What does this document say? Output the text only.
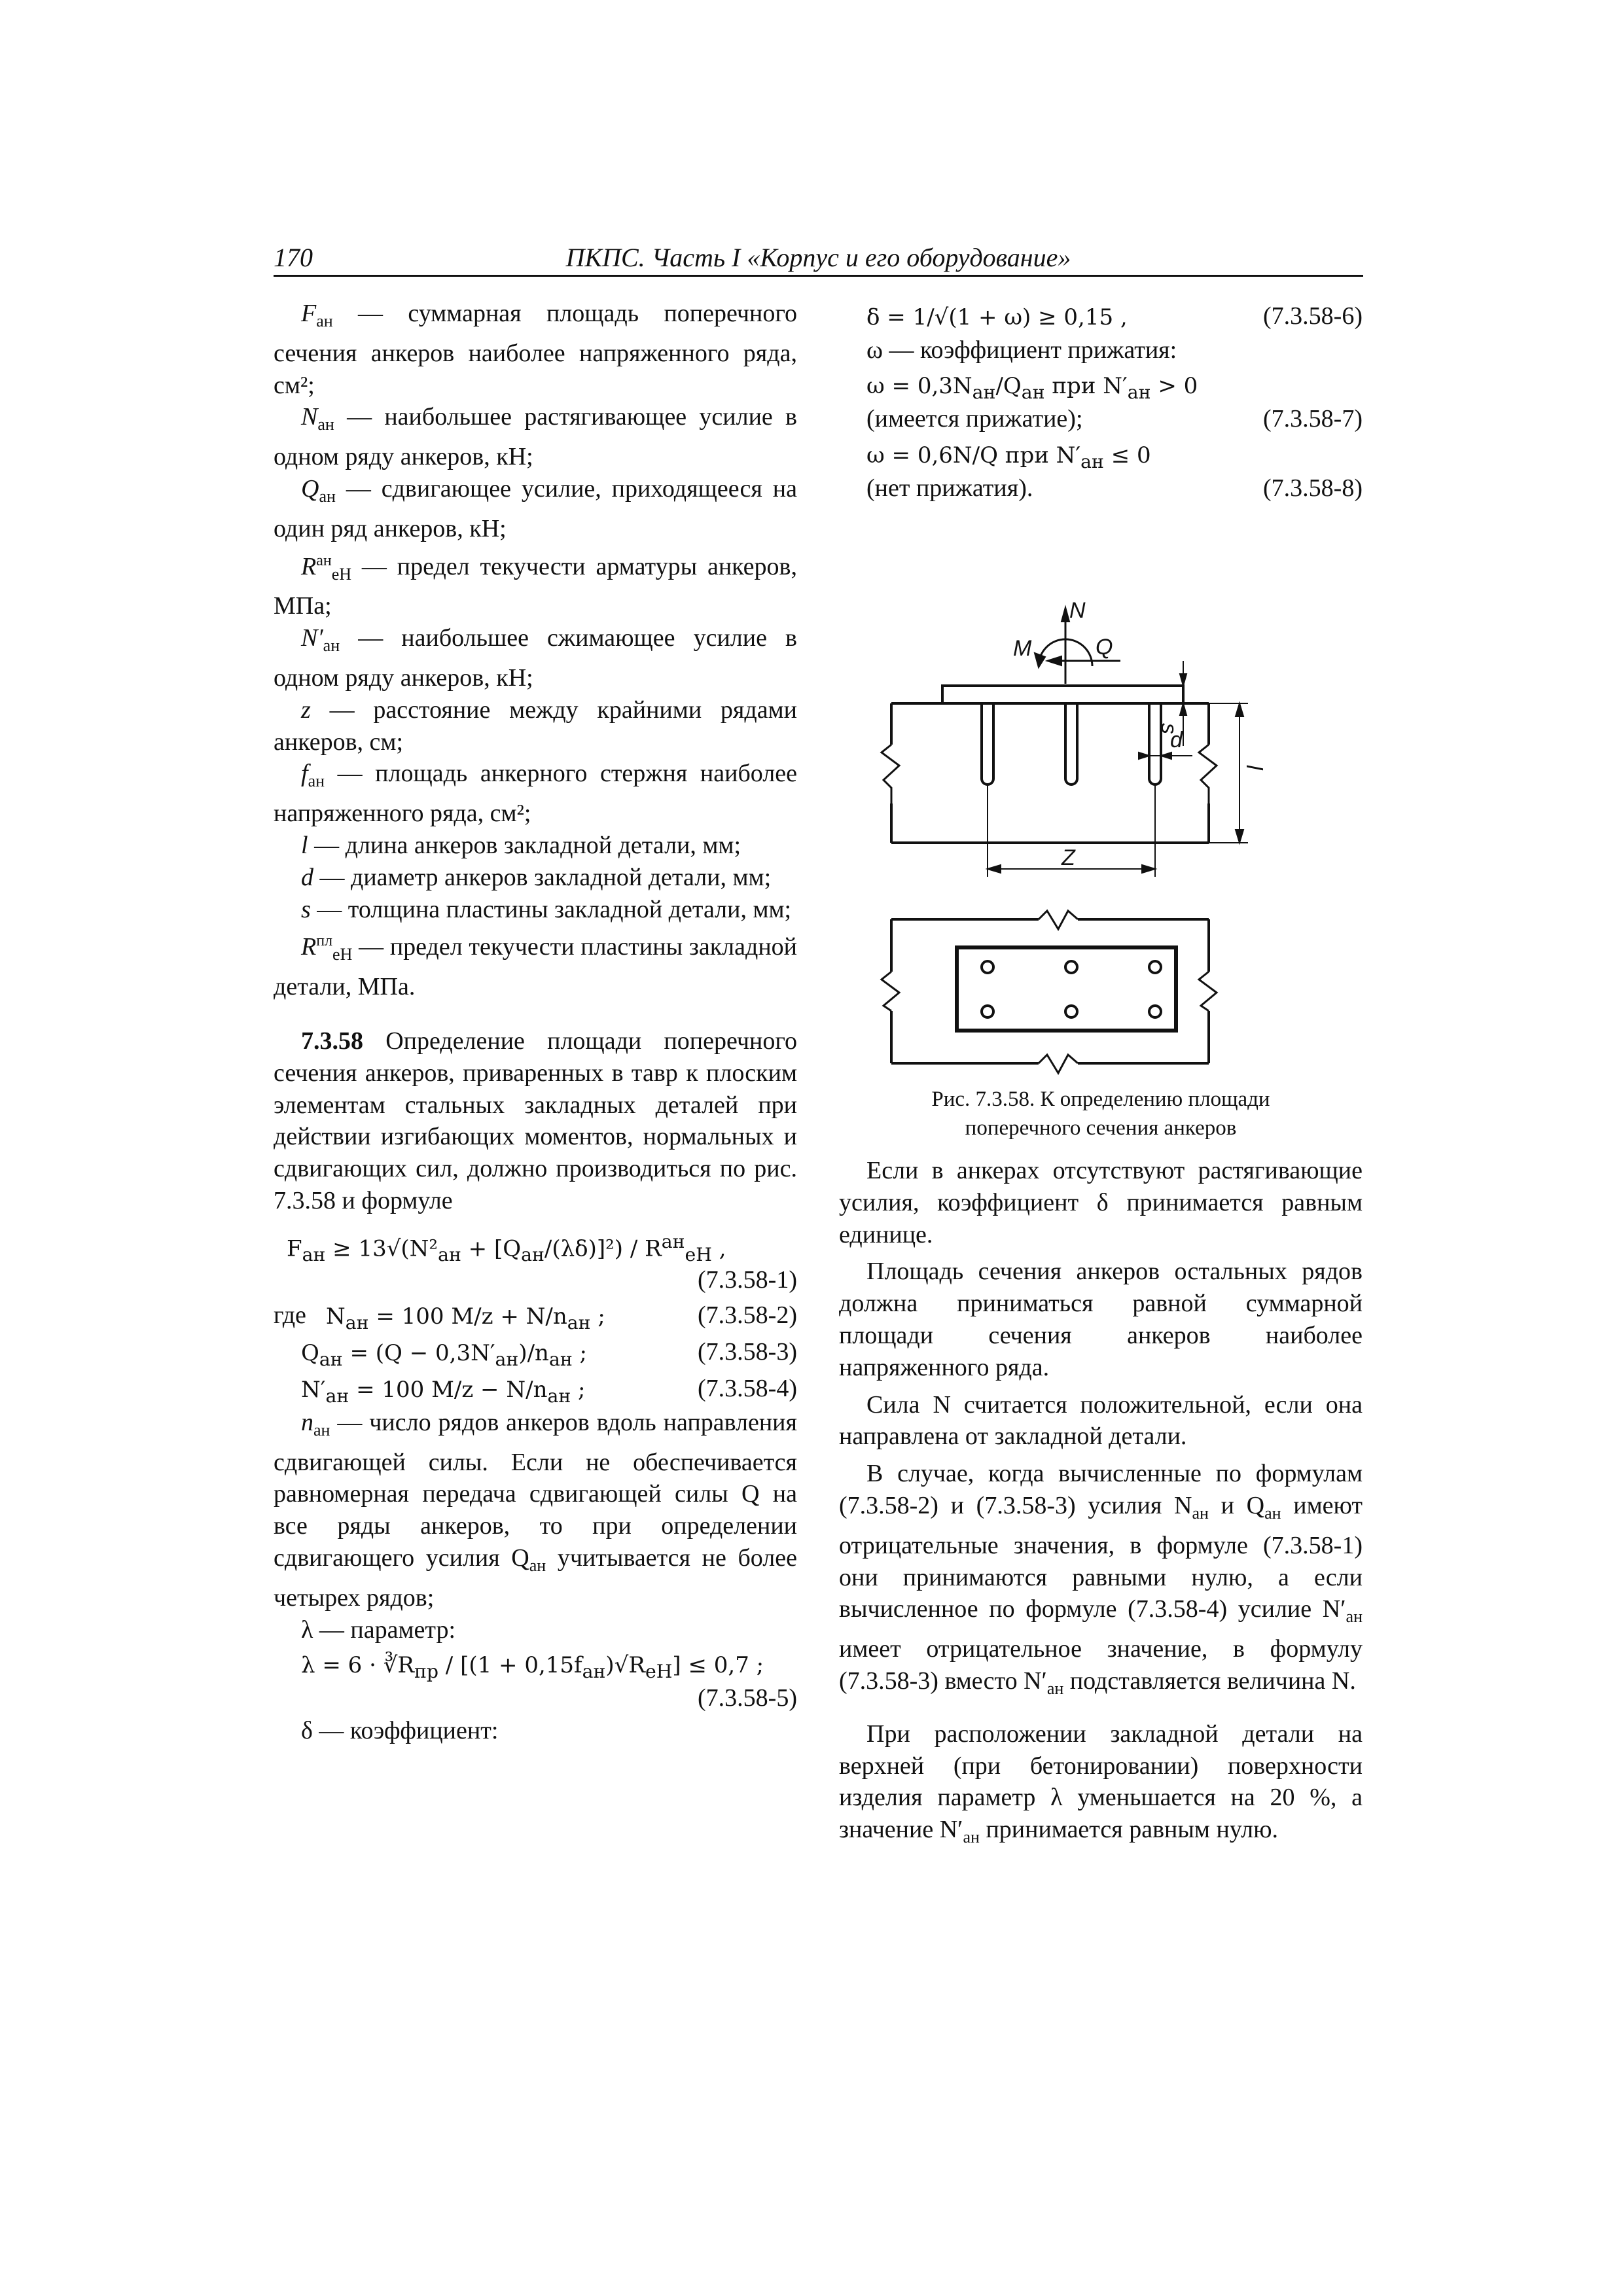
170	ПКПС. Часть I «Корпус и его оборудование»

$F_{ан}$ — суммарная площадь поперечного сечения анкеров наиболее напряженного ряда, см²;

$N_{ан}$ — наибольшее растягивающее усилие в одном ряду анкеров, кН;

$Q_{ан}$ — сдвигающее усилие, приходящееся на один ряд анкеров, кН;

$R^{ан}_{еН}$ — предел текучести арматуры анкеров, МПа;

$N'_{ан}$ — наибольшее сжимающее усилие в одном ряду анкеров, кН;

z — расстояние между крайними рядами анкеров, см;

$f_{ан}$ — площадь анкерного стержня наиболее напряженного ряда, см²;

l — длина анкеров закладной детали, мм;

d — диаметр анкеров закладной детали, мм;

s — толщина пластины закладной детали, мм;

$R^{пл}_{еН}$ — предел текучести пластины закладной детали, МПа.

7.3.58 Определение площади поперечного сечения анкеров, приваренных в тавр к плоским элементам стальных закладных деталей при действии изгибающих моментов, нормальных и сдвигающих сил, должно производиться по рис. 7.3.58 и формуле

$F_{ан} \ge 13√(N^2_{ан} + [Q_{ан}/(\lambda\delta)]^2) / R^{ан}_{еН}$ ,
(7.3.58-1)
где $N_{ан} = 100$ $M/z + N/n_{ан}$ ;	(7.3.58-2)
$Q_{ан} = (Q - 0,3N'_{ан})/n_{ан}$ ;	(7.3.58-3)
$N'_{ан} = 100$ $M/z - N/n_{ан}$ ;	(7.3.58-4)

$n_{ан}$ — число рядов анкеров вдоль направления сдвигающей силы. Если не обеспечивается равномерная передача сдвигающей силы Q на все ряды анкеров, то при определении сдвигающего усилия $Q_{ан}$ учитывается не более четырех рядов;

λ — параметр:

$\lambda = 6 \cdot ∛R_{пр} / [(1 + 0,15f_{ан})√R_{еН}] \le 0,7$ ;
(7.3.58-5)

δ — коэффициент:

δ = 1/√(1 + ω) ≥ 0,15 ,	(7.3.58-6)

ω — коэффициент прижатия:

$\omega = 0,3N_{ан}/Q_{ан}$ при $N'_{ан} > 0$
(имеется прижатие);	(7.3.58-7)
ω = 0,6N/Q при $N'_{ан} \le 0$
(нет прижатия).	(7.3.58-8)
N
M	Q
s
d
l
Z
Рис. 7.3.58. К определению площади
поперечного сечения анкеров

Если в анкерах отсутствуют растягивающие усилия, коэффициент δ принимается равным единице.

Площадь сечения анкеров остальных рядов должна приниматься равной суммарной площади сечения анкеров наиболее напряженного ряда.

Сила N считается положительной, если она направлена от закладной детали.

В случае, когда вычисленные по формулам (7.3.58-2) и (7.3.58-3) усилия $N_{ан}$ и $Q_{ан}$ имеют отрицательные значения, в формуле (7.3.58-1) они принимаются равными нулю, а если вычисленное по формуле (7.3.58-4) усилие $N'_{ан}$ имеет отрицательное значение, в формулу (7.3.58-3) вместо $N'_{ан}$ подставляется величина N.

При расположении закладной детали на верхней (при бетонировании) поверхности изделия параметр λ уменьшается на 20 %, а значение $N'_{ан}$ принимается равным нулю.
